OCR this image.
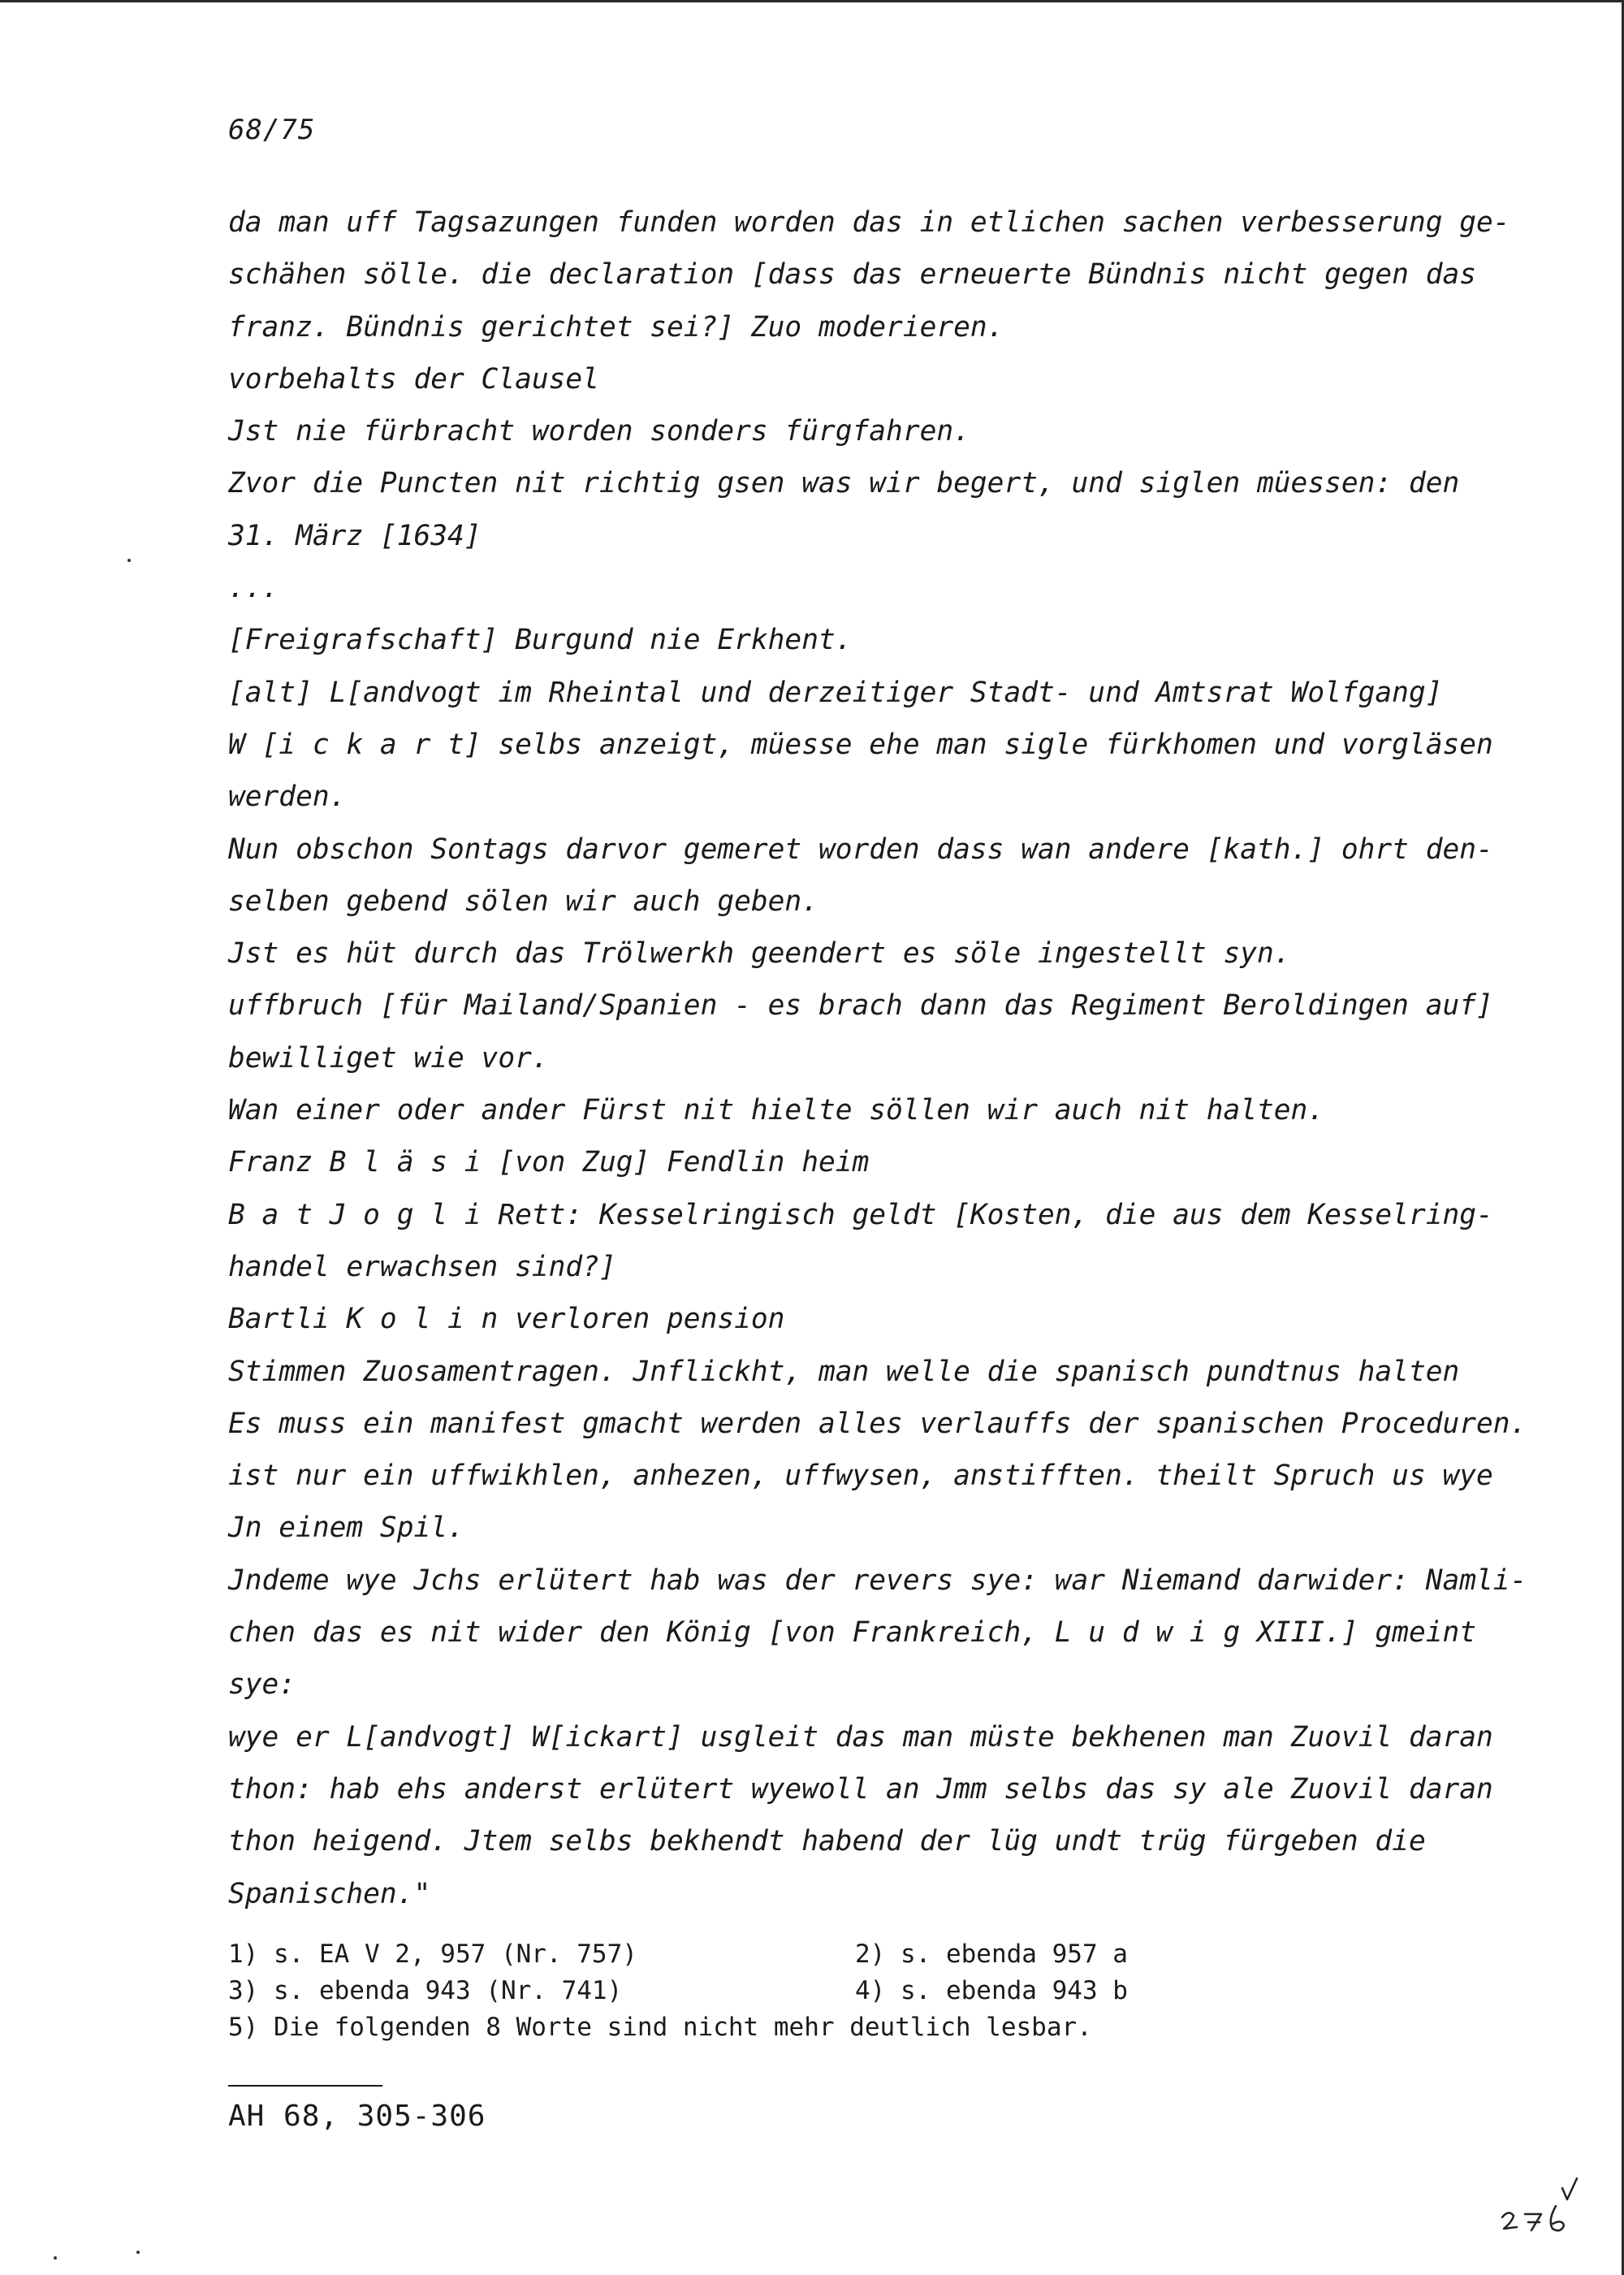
68/75

da man uff Tagsazungen funden worden das in etlichen sachen verbesserung ge-
schähen sölle. die declaration [dass das erneuerte Bündnis nicht gegen das
franz. Bündnis gerichtet sei?] Zuo moderieren.

vorbehalts der Clausel

Jst nie fürbracht worden sonders fürgfahren.

Zvor die Puncten nit richtig gsen was wir begert, und siglen müessen: den
31. März [1634]

...

[Freigrafschaft] Burgund nie Erkhent.

[alt] L[andvogt im Rheintal und derzeitiger Stadt- und Amtsrat Wolfgang]
W [i c k a r t] selbs anzeigt, müesse ehe man sigle fürkhomen und vorgläsen
werden.

Nun obschon Sontags darvor gemeret worden dass wan andere [kath.] ohrt den-
selben gebend sölen wir auch geben.

Jst es hüt durch das Trölwerkh geendert es söle ingestellt syn.

uffbruch [für Mailand/Spanien - es brach dann das Regiment Beroldingen auf]
bewilliget wie vor.

Wan einer oder ander Fürst nit hielte söllen wir auch nit halten.

Franz B l ä s i [von Zug] Fendlin heim

B a t J o g l i Rett: Kesselringisch geldt [Kosten, die aus dem Kesselring-
handel erwachsen sind?]

Bartli K o l i n verloren pension

Stimmen Zuosamentragen. Jnflickht, man welle die spanisch pundtnus halten

Es muss ein manifest gmacht werden alles verlauffs der spanischen Proceduren.

ist nur ein uffwikhlen, anhezen, uffwysen, anstifften. theilt Spruch us wye
Jn einem Spil.

Jndeme wye Jchs erlütert hab was der revers sye: war Niemand darwider: Namli-
chen das es nit wider den König [von Frankreich, L u d w i g XIII.] gmeint
sye:

wye er L[andvogt] W[ickart] usgleit das man müste bekhenen man Zuovil daran
thon: hab ehs anderst erlütert wyewoll an Jmm selbs das sy ale Zuovil daran
thon heigend. Jtem selbs bekhendt habend der lüg undt trüg fürgeben die
Spanischen."

1) s. EA V 2, 957 (Nr. 757)	2) s. ebenda 957 a
3) s. ebenda 943 (Nr. 741)	4) s. ebenda 943 b
5) Die folgenden 8 Worte sind nicht mehr deutlich lesbar.
AH 68, 305-306
